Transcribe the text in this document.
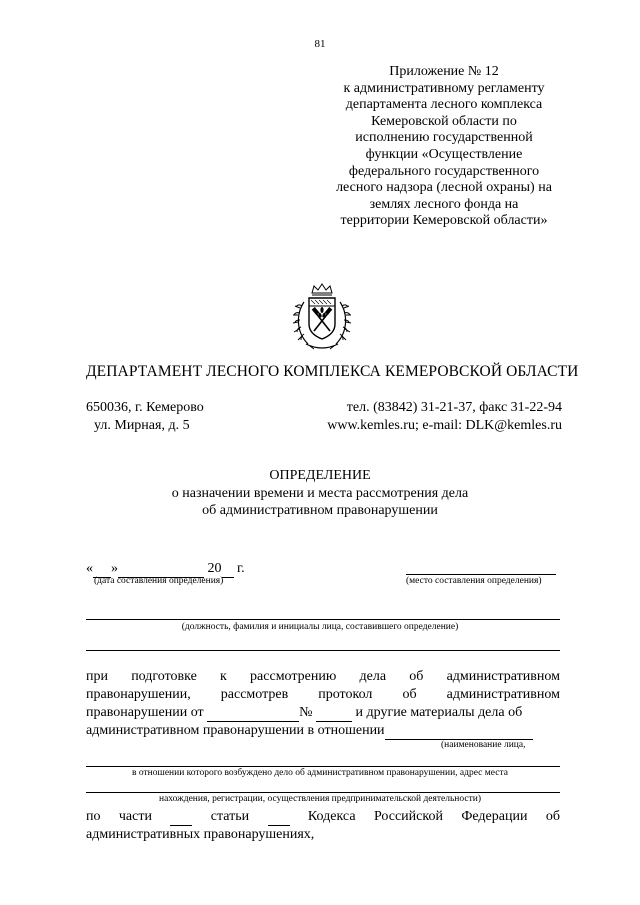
81
Приложение № 12
к административному регламенту
департамента лесного комплекса
Кемеровской области по
исполнению государственной
функции «Осуществление
федерального государственного
лесного надзора (лесной охраны) на
землях лесного фонда на
территории Кемеровской области»
ДЕПАРТАМЕНТ ЛЕСНОГО КОМПЛЕКСА КЕМЕРОВСКОЙ ОБЛАСТИ
650036, г. Кемерово
ул. Мирная, д. 5
тел. (83842) 31-21-37, факс 31-22-94
www.kemles.ru; e-mail: DLK@kemles.ru
ОПРЕДЕЛЕНИЕ
о назначении времени и места рассмотрения дела
об административном правонарушении
« »	20 г.
(дата составления определения)	(место составления определения)
(должность, фамилия и инициалы лица, составившего определение)
при подготовке к рассмотрению дела об административном
правонарушении, рассмотрев протокол об административном
правонарушении от	№	и другие материалы дела об
административном правонарушении в отношении
(наименование лица,
в отношении которого возбуждено дело об административном правонарушении, адрес места
нахождения, регистрации, осуществления предпринимательской деятельности)
по части
	статьи
	Кодекса Российской Федерации об
административных правонарушениях,
